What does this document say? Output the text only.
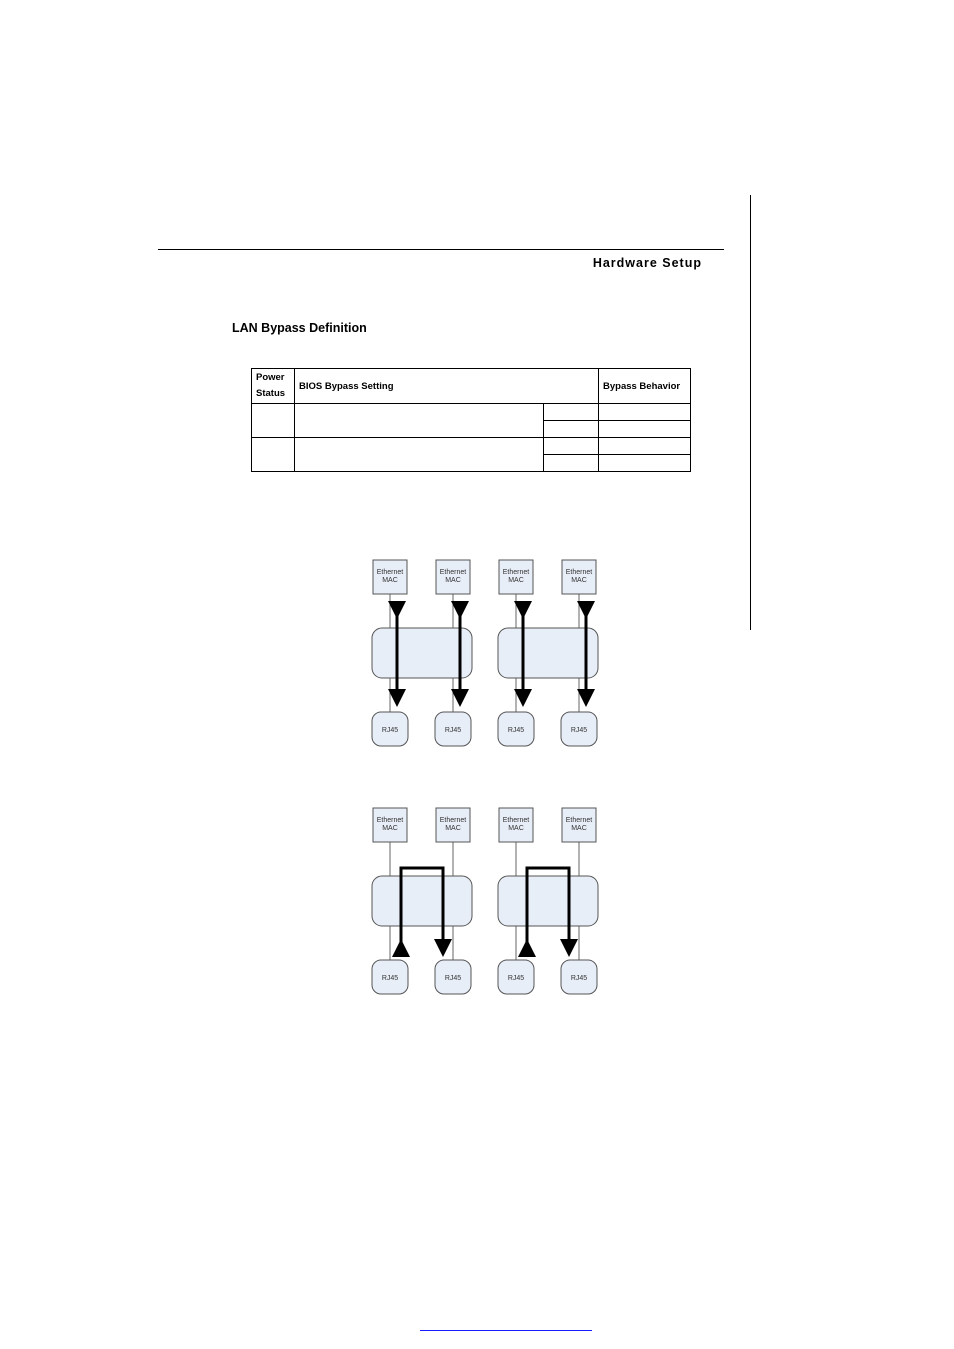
Hardware Setup
LAN Bypass Definition
Power
Status	BIOS Bypass Setting		Bypass Behavior

Ethernet
MAC
RJ45
Ethernet
MAC
RJ45
Ethernet
MAC
RJ45
Ethernet
MAC
RJ45
Ethernet
MAC
RJ45
Ethernet
MAC
RJ45
Ethernet
MAC
RJ45
Ethernet
MAC
RJ45
